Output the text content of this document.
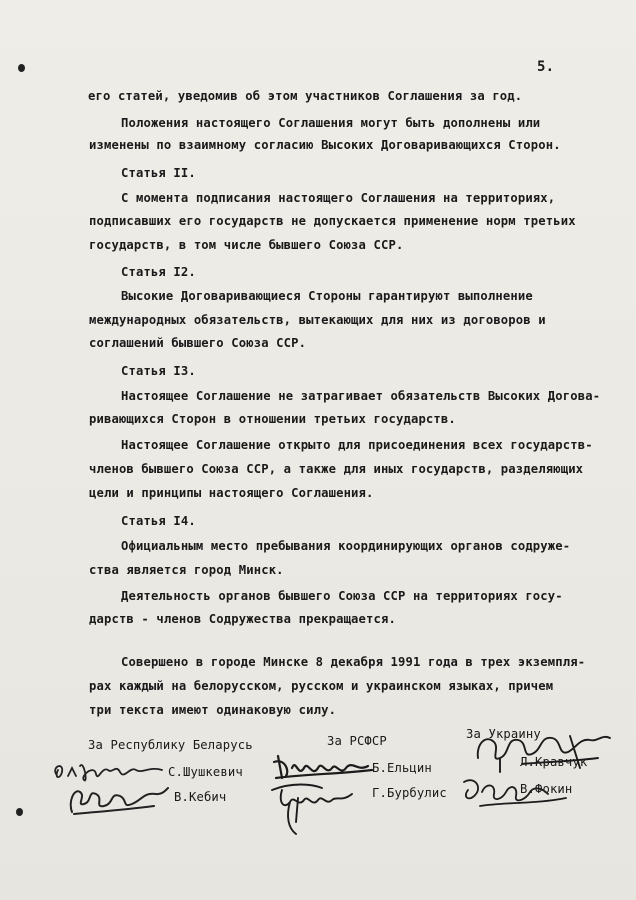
5.
его статей, уведомив об этом участников Соглашения за год.
Положения настоящего Соглашения могут быть дополнены или
изменены по взаимному согласию Высоких Договаривающихся Сторон.
Статья II.
С момента подписания настоящего Соглашения на территориях,
подписавших его государств не допускается применение норм третьих
государств, в том числе бывшего Союза ССР.
Статья I2.
Высокие Договаривающиеся Стороны гарантируют выполнение
международных обязательств, вытекающих для них из договоров и
соглашений бывшего Союза ССР.
Статья I3.
Настоящее Соглашение не затрагивает обязательств Высоких Догова-
ривающихся Сторон в отношении третьих государств.
Настоящее Соглашение открыто для присоединения всех государств-
членов бывшего Союза ССР, а также для иных государств, разделяющих
цели и принципы настоящего Соглашения.
Статья I4.
Официальным место пребывания координирующих органов содруже-
ства является город Минск.
Деятельность органов бывшего Союза ССР на территориях госу-
дарств - членов Содружества прекращается.
Совершено в городе Минске 8 декабря 1991 года в трех экземпля-
рах каждый на белорусском, русском и украинском языках, причем
три текста имеют одинаковую силу.
За Республику Беларусь	За РСФСР	За Украину
С.Шушкевич
В.Кебич
Б.Ельцин
Г.Бурбулис
Л.Кравчук
В.Фокин
